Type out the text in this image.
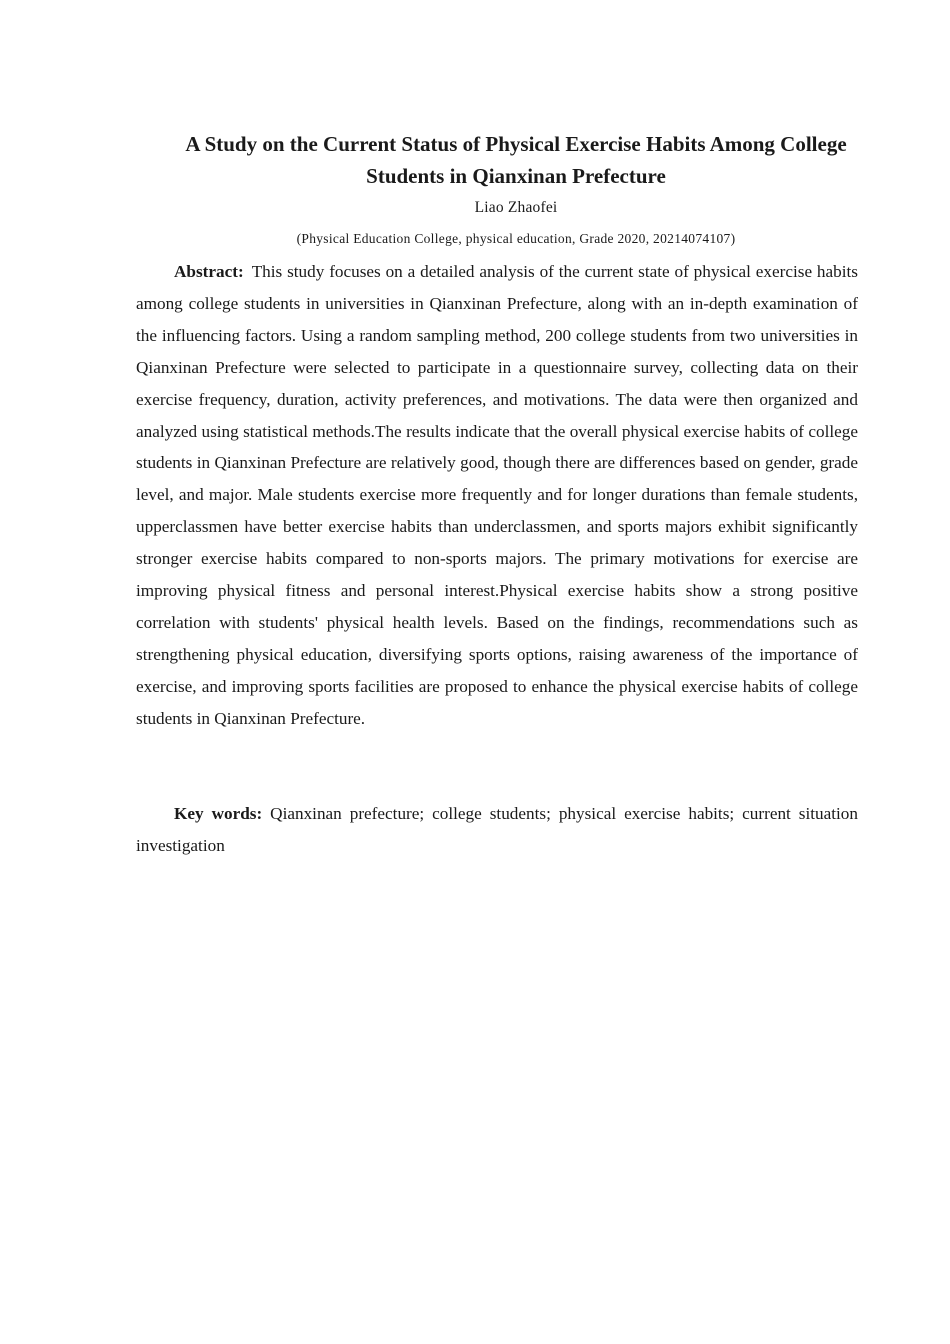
A Study on the Current Status of Physical Exercise Habits Among College Students in Qianxinan Prefecture
Liao Zhaofei
(Physical Education College, physical education, Grade 2020, 20214074107)

Abstract: This study focuses on a detailed analysis of the current state of physical exercise habits among college students in universities in Qianxinan Prefecture, along with an in-depth examination of the influencing factors. Using a random sampling method, 200 college students from two universities in Qianxinan Prefecture were selected to participate in a questionnaire survey, collecting data on their exercise frequency, duration, activity preferences, and motivations. The data were then organized and analyzed using statistical methods.The results indicate that the overall physical exercise habits of college students in Qianxinan Prefecture are relatively good, though there are differences based on gender, grade level, and major. Male students exercise more frequently and for longer durations than female students, upperclassmen have better exercise habits than underclassmen, and sports majors exhibit significantly stronger exercise habits compared to non-sports majors. The primary motivations for exercise are improving physical fitness and personal interest.Physical exercise habits show a strong positive correlation with students' physical health levels. Based on the findings, recommendations such as strengthening physical education, diversifying sports options, raising awareness of the importance of exercise, and improving sports facilities are proposed to enhance the physical exercise habits of college students in Qianxinan Prefecture.

Key words: Qianxinan prefecture; college students; physical exercise habits; current situation investigation
